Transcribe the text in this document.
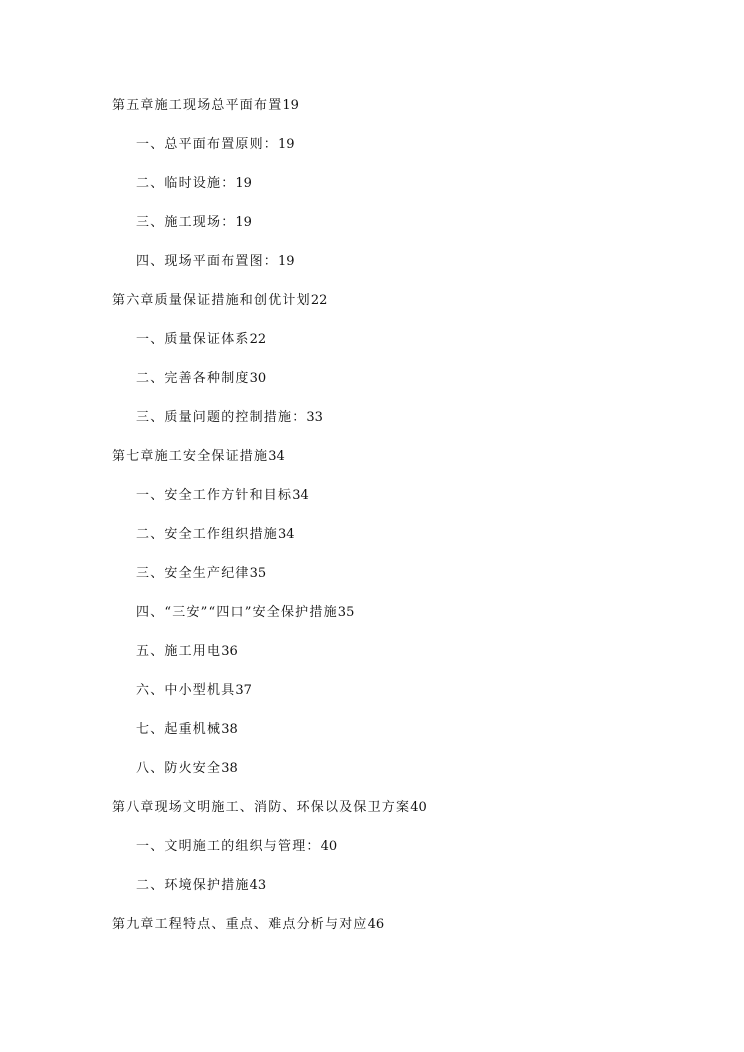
第五章施工现场总平面布置19
一、总平面布置原则：19
二、临时设施：19
三、施工现场：19
四、现场平面布置图：19
第六章质量保证措施和创优计划22
一、质量保证体系22
二、完善各种制度30
三、质量问题的控制措施：33
第七章施工安全保证措施34
一、安全工作方针和目标34
二、安全工作组织措施34
三、安全生产纪律35
四、“三安”“四口”安全保护措施35
五、施工用电36
六、中小型机具37
七、起重机械38
八、防火安全38
第八章现场文明施工、消防、环保以及保卫方案40
一、文明施工的组织与管理：40
二、环境保护措施43
第九章工程特点、重点、难点分析与对应46
